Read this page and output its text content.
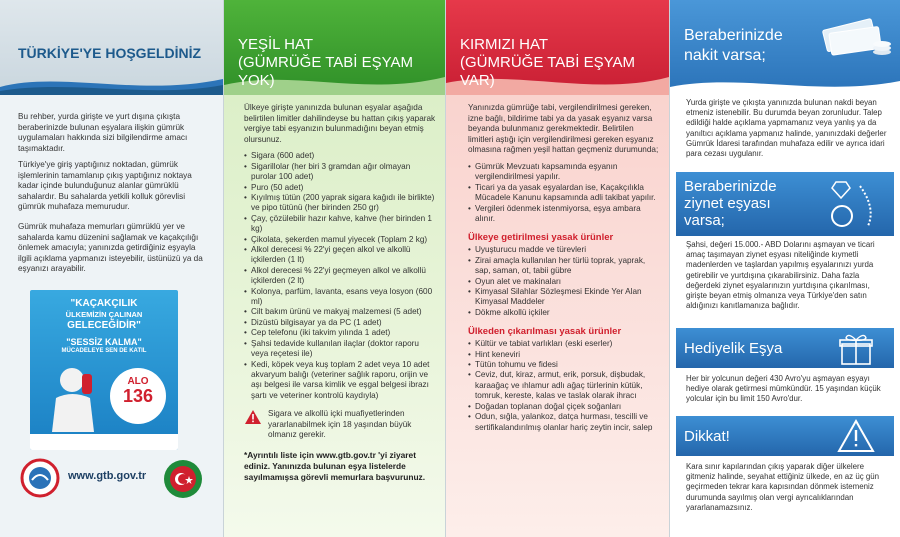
TÜRKİYE'YE HOŞGELDİNİZ
Bu rehber, yurda girişte ve yurt dışına çıkışta beraberinizde bulunan eşyalara ilişkin gümrük uygulamaları hakkında sizi bilgilendirme amacı taşımaktadır.
Türkiye'ye giriş yaptığınız noktadan, gümrük işlemlerinin tamamlanıp çıkış yaptığınız noktaya kadar içinde bulunduğunuz alanlar gümrüklü sahalardır. Bu sahalarda yetkili kolluk görevlisi gümrük muhafaza memurudur.
Gümrük muhafaza memurları gümrüklü yer ve sahalarda kamu düzenini sağlamak ve kaçakçılığı önlemek amacıyla; yanınızda getirdiğiniz eşyayla ilgili açıklama yapmanızı isteyebilir, üstünüzü ya da eşyanızı arayabilir.
"KAÇAKÇILIK
ÜLKEMİZİN ÇALINAN
GELECEĞİDİR"
"SESSİZ KALMA"
MÜCADELEYE SEN DE KATIL
ALO
136
www.gtb.gov.tr
YEŞİL HAT
(GÜMRÜĞE TABİ EŞYAM YOK)
Ülkeye girişte yanınızda bulunan eşyalar aşağıda belirtilen limitler dahilindeyse bu hattan çıkış yaparak vergiye tabi eşyanızın bulunmadığını beyan etmiş olursunuz.
• Sigara (600 adet)
• Sigarillolar (her biri 3 gramdan ağır olmayan purolar 100 adet)
• Puro (50 adet)
• Kıyılmış tütün (200 yaprak sigara kağıdı ile birlikte) ve pipo tütünü (her birinden 250 gr)
• Çay, çözülebilir hazır kahve, kahve (her birinden 1 kg)
• Çikolata, şekerden mamul yiyecek (Toplam 2 kg)
• Alkol derecesi % 22'yi geçen alkol ve alkollü içkilerden (1 lt)
• Alkol derecesi % 22'yi geçmeyen alkol ve alkollü içkilerden (2 lt)
• Kolonya, parfüm, lavanta, esans veya losyon (600 ml)
• Cilt bakım ürünü ve makyaj malzemesi (5 adet)
• Dizüstü bilgisayar ya da PC (1 adet)
• Cep telefonu (iki takvim yılında 1 adet)
• Şahsi tedavide kullanılan ilaçlar (doktor raporu veya reçetesi ile)
• Kedi, köpek veya kuş toplam 2 adet veya 10 adet akvaryum balığı (veteriner sağlık raporu, orijin ve aşı belgesi ile varsa kimlik ve eşgal belgesi ibrazı şartı ve veteriner kontrolü kaydıyla)
Sigara ve alkollü içki muafiyetlerinden yararlanabilmek için 18 yaşından büyük olmanız gerekir.
*Ayrıntılı liste için www.gtb.gov.tr 'yi ziyaret ediniz. Yanınızda bulunan eşya listelerde sayılmamışsa görevli memurlara başvurunuz.
KIRMIZI HAT
(GÜMRÜĞE TABİ EŞYAM VAR)
Yanınızda gümrüğe tabi, vergilendirilmesi gereken, izne bağlı, bildirime tabi ya da yasak eşyanız varsa beyanda bulunmanız gerekmektedir. Belirtilen limitleri aştığı için vergilendirilmesi gereken eşyanız olmasına rağmen yeşil hattan geçmeniz durumunda;
• Gümrük Mevzuatı kapsamında eşyanın vergilendirilmesi yapılır.
• Ticari ya da yasak eşyalardan ise, Kaçakçılıkla Mücadele Kanunu kapsamında adli takibat yapılır.
• Vergileri ödenmek istenmiyorsa, eşya ambara alınır.
Ülkeye getirilmesi yasak ürünler
• Uyuşturucu madde ve türevleri
• Zirai amaçla kullanılan her türlü toprak, yaprak, sap, saman, ot, tabii gübre
• Oyun alet ve makinaları
• Kimyasal Silahlar Sözleşmesi Ekinde Yer Alan Kimyasal Maddeler
• Dökme alkollü içkiler
Ülkeden çıkarılması yasak ürünler
• Kültür ve tabiat varlıkları (eski eserler)
• Hint keneviri
• Tütün tohumu ve fidesi
• Ceviz, dut, kiraz, armut, erik, porsuk, dişbudak, karaağaç ve ıhlamur adlı ağaç türlerinin kütük, tomruk, kereste, kalas ve taslak olarak ihracı
• Doğadan toplanan doğal çiçek soğanları
• Odun, sığla, yalankoz, datça hurması, tescilli ve sertifikalandırılmış olanlar hariç zeytin incir, salep
Beraberinizde
nakit varsa;
Yurda girişte ve çıkışta yanınızda bulunan nakdi beyan etmeniz istenebilir. Bu durumda beyan zorunludur. Talep edildiği halde açıklama yapmamanız veya yanlış ya da yanıltıcı açıklama yapmanız halinde, yanınızdaki değerler Gümrük İdaresi tarafından muhafaza edilir ve ayrıca idari para cezası uygulanır.
Beraberinizde
ziynet eşyası
varsa;
Şahsi, değeri 15.000.- ABD Dolarını aşmayan ve ticari amaç taşımayan ziynet eşyası niteliğinde kıymetli madenlerden ve taşlardan yapılmış eşyalarınızı yurda getirebilir ve yurtdışına çıkarabilirsiniz. Daha fazla değerdeki ziynet eşyalarınızın yurtdışına çıkarılması, girişte beyan etmiş olmanıza veya Türkiye'den satın aldığınızı kanıtlamanıza bağlıdır.
Hediyelik Eşya
Her bir yolcunun değeri 430 Avro'yu aşmayan eşyayı hediye olarak getirmesi mümkündür. 15 yaşından küçük yolcular için bu limit 150 Avro'dur.
Dikkat!
Kara sınır kapılarından çıkış yaparak diğer ülkelere gitmeniz halinde, seyahat ettiğiniz ülkede, en az üç gün geçirmeden tekrar kara kapısından dönmek istemeniz durumunda sayılmış olan vergi ayrıcalıklarından yararlanamazsınız.
